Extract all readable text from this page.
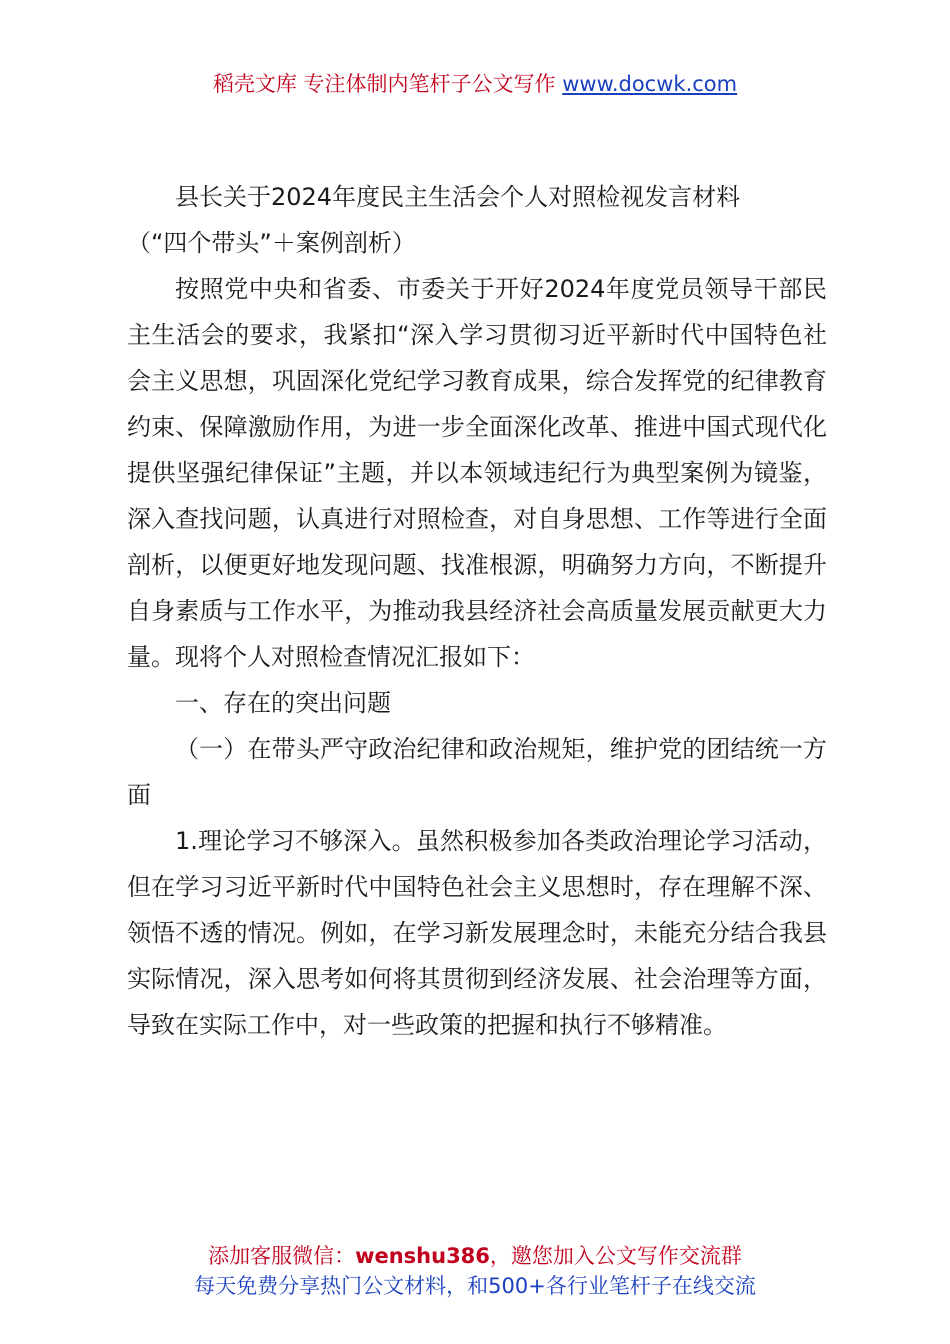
稻壳文库 专注体制内笔杆子公文写作 www.docwk.com

县长关于2024年度民主生活会个人对照检视发言材料

（“四个带头”＋案例剖析）

按照党中央和省委、市委关于开好2024年度党员领导干部民主生活会的要求，我紧扣“深入学习贯彻习近平新时代中国特色社会主义思想，巩固深化党纪学习教育成果，综合发挥党的纪律教育约束、保障激励作用，为进一步全面深化改革、推进中国式现代化提供坚强纪律保证”主题，并以本领域违纪行为典型案例为镜鉴，深入查找问题，认真进行对照检查，对自身思想、工作等进行全面剖析，以便更好地发现问题、找准根源，明确努力方向，不断提升自身素质与工作水平，为推动我县经济社会高质量发展贡献更大力量。现将个人对照检查情况汇报如下：

一、存在的突出问题

（一）在带头严守政治纪律和政治规矩，维护党的团结统一方面

1.理论学习不够深入。虽然积极参加各类政治理论学习活动，但在学习习近平新时代中国特色社会主义思想时，存在理解不深、领悟不透的情况。例如，在学习新发展理念时，未能充分结合我县实际情况，深入思考如何将其贯彻到经济发展、社会治理等方面，导致在实际工作中，对一些政策的把握和执行不够精准。

添加客服微信：wenshu386，邀您加入公文写作交流群
每天免费分享热门公文材料，和500+各行业笔杆子在线交流
